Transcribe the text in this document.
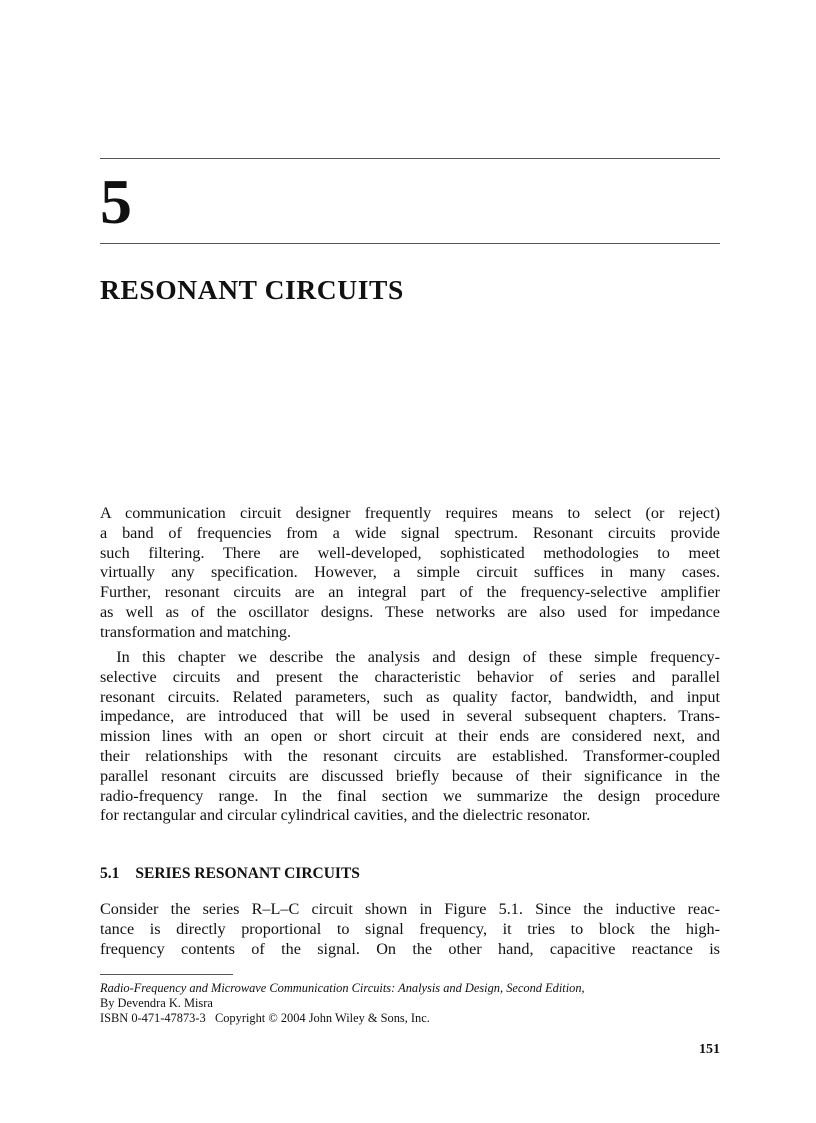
5
RESONANT CIRCUITS

A communication circuit designer frequently requires means to select (or reject)
a band of frequencies from a wide signal spectrum. Resonant circuits provide
such filtering. There are well-developed, sophisticated methodologies to meet
virtually any specification. However, a simple circuit suffices in many cases.
Further, resonant circuits are an integral part of the frequency-selective amplifier
as well as of the oscillator designs. These networks are also used for impedance
transformation and matching.

 In this chapter we describe the analysis and design of these simple frequency-
selective circuits and present the characteristic behavior of series and parallel
resonant circuits. Related parameters, such as quality factor, bandwidth, and input
impedance, are introduced that will be used in several subsequent chapters. Trans-
mission lines with an open or short circuit at their ends are considered next, and
their relationships with the resonant circuits are established. Transformer-coupled
parallel resonant circuits are discussed briefly because of their significance in the
radio-frequency range. In the final section we summarize the design procedure
for rectangular and circular cylindrical cavities, and the dielectric resonator.

5.1 SERIES RESONANT CIRCUITS

Consider the series R–L–C circuit shown in Figure 5.1. Since the inductive reac-
tance is directly proportional to signal frequency, it tries to block the high-
frequency contents of the signal. On the other hand, capacitive reactance is

Radio-Frequency and Microwave Communication Circuits: Analysis and Design, Second Edition,
By Devendra K. Misra
ISBN 0-471-47873-3 Copyright © 2004 John Wiley & Sons, Inc.
151
